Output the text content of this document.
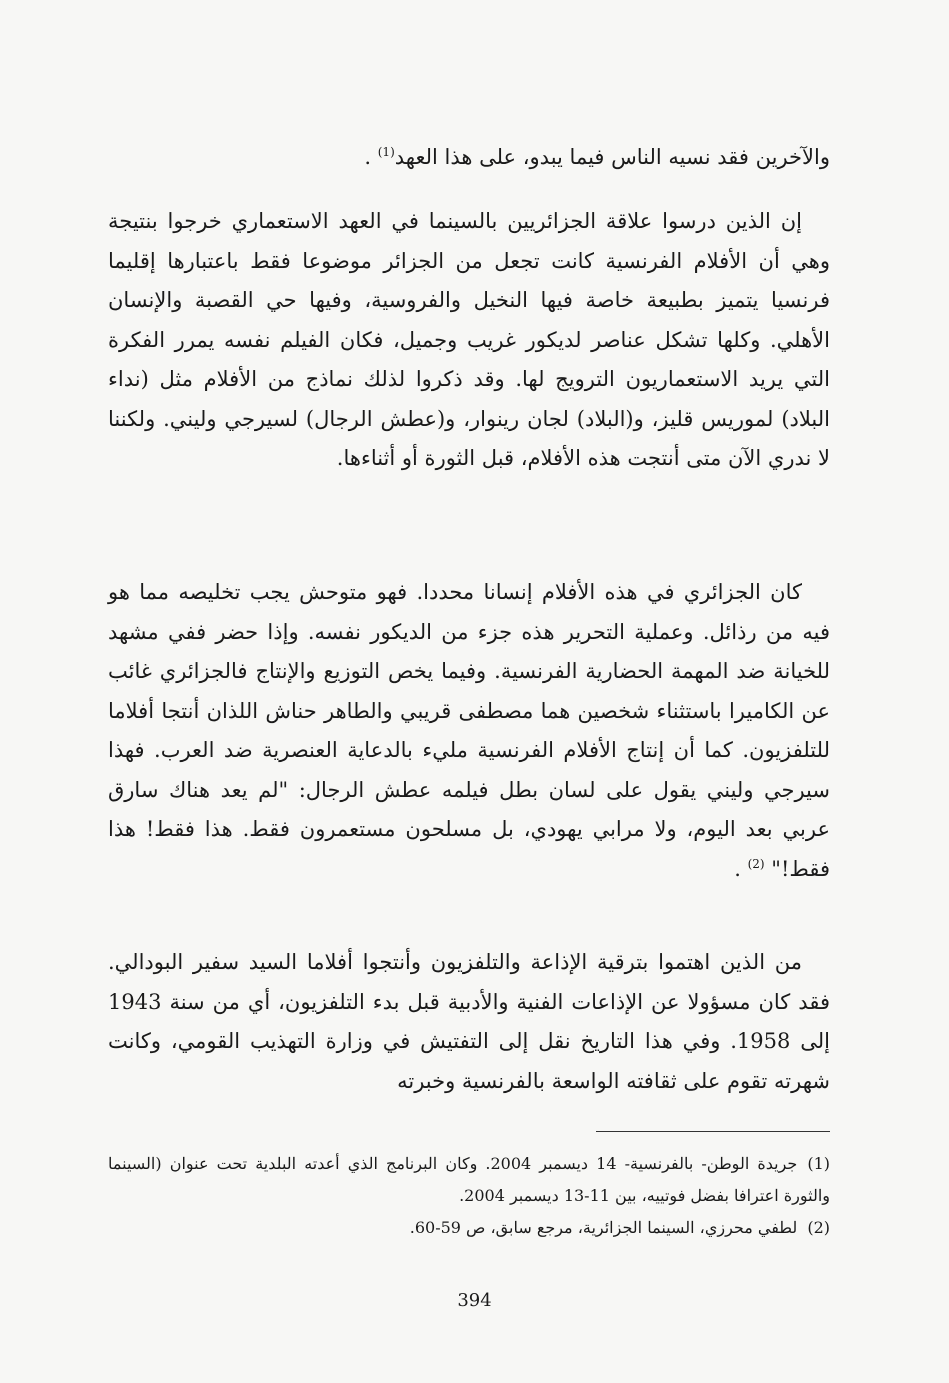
والآخرين فقد نسيه الناس فيما يبدو، على هذا العهد$^{(1)}$ .

إن الذين درسوا علاقة الجزائريين بالسينما في العهد الاستعماري خرجوا بنتيجة وهي أن الأفلام الفرنسية كانت تجعل من الجزائر موضوعا فقط باعتبارها إقليما فرنسيا يتميز بطبيعة خاصة فيها النخيل والفروسية، وفيها حي القصبة والإنسان الأهلي. وكلها تشكل عناصر لديكور غريب وجميل، فكان الفيلم نفسه يمرر الفكرة التي يريد الاستعماريون الترويج لها. وقد ذكروا لذلك نماذج من الأفلام مثل (نداء البلاد) لموريس قليز، و(البلاد) لجان رينوار، و(عطش الرجال) لسيرجي وليني. ولكننا لا ندري الآن متى أنتجت هذه الأفلام، قبل الثورة أو أثناءها.

كان الجزائري في هذه الأفلام إنسانا محددا. فهو متوحش يجب تخليصه مما هو فيه من رذائل. وعملية التحرير هذه جزء من الديكور نفسه. وإذا حضر ففي مشهد للخيانة ضد المهمة الحضارية الفرنسية. وفيما يخص التوزيع والإنتاج فالجزائري غائب عن الكاميرا باستثناء شخصين هما مصطفى قريبي والطاهر حناش اللذان أنتجا أفلاما للتلفزيون. كما أن إنتاج الأفلام الفرنسية مليء بالدعاية العنصرية ضد العرب. فهذا سيرجي وليني يقول على لسان بطل فيلمه عطش الرجال: "لم يعد هناك سارق عربي بعد اليوم، ولا مرابي يهودي، بل مسلحون مستعمرون فقط. هذا فقط! هذا فقط!" $^{(2)}$ .

من الذين اهتموا بترقية الإذاعة والتلفزيون وأنتجوا أفلاما السيد سفير البودالي. فقد كان مسؤولا عن الإذاعات الفنية والأدبية قبل بدء التلفزيون، أي من سنة 1943 إلى 1958. وفي هذا التاريخ نقل إلى التفتيش في وزارة التهذيب القومي، وكانت شهرته تقوم على ثقافته الواسعة بالفرنسية وخبرته

(1)جريدة الوطن- بالفرنسية- 14 ديسمبر 2004. وكان البرنامج الذي أعدته البلدية تحت عنوان (السينما والثورة اعترافا بفضل فوتييه، بين 11-13 ديسمبر 2004.

(2)لطفي محرزي، السينما الجزائرية، مرجع سابق، ص 59-60.

394
